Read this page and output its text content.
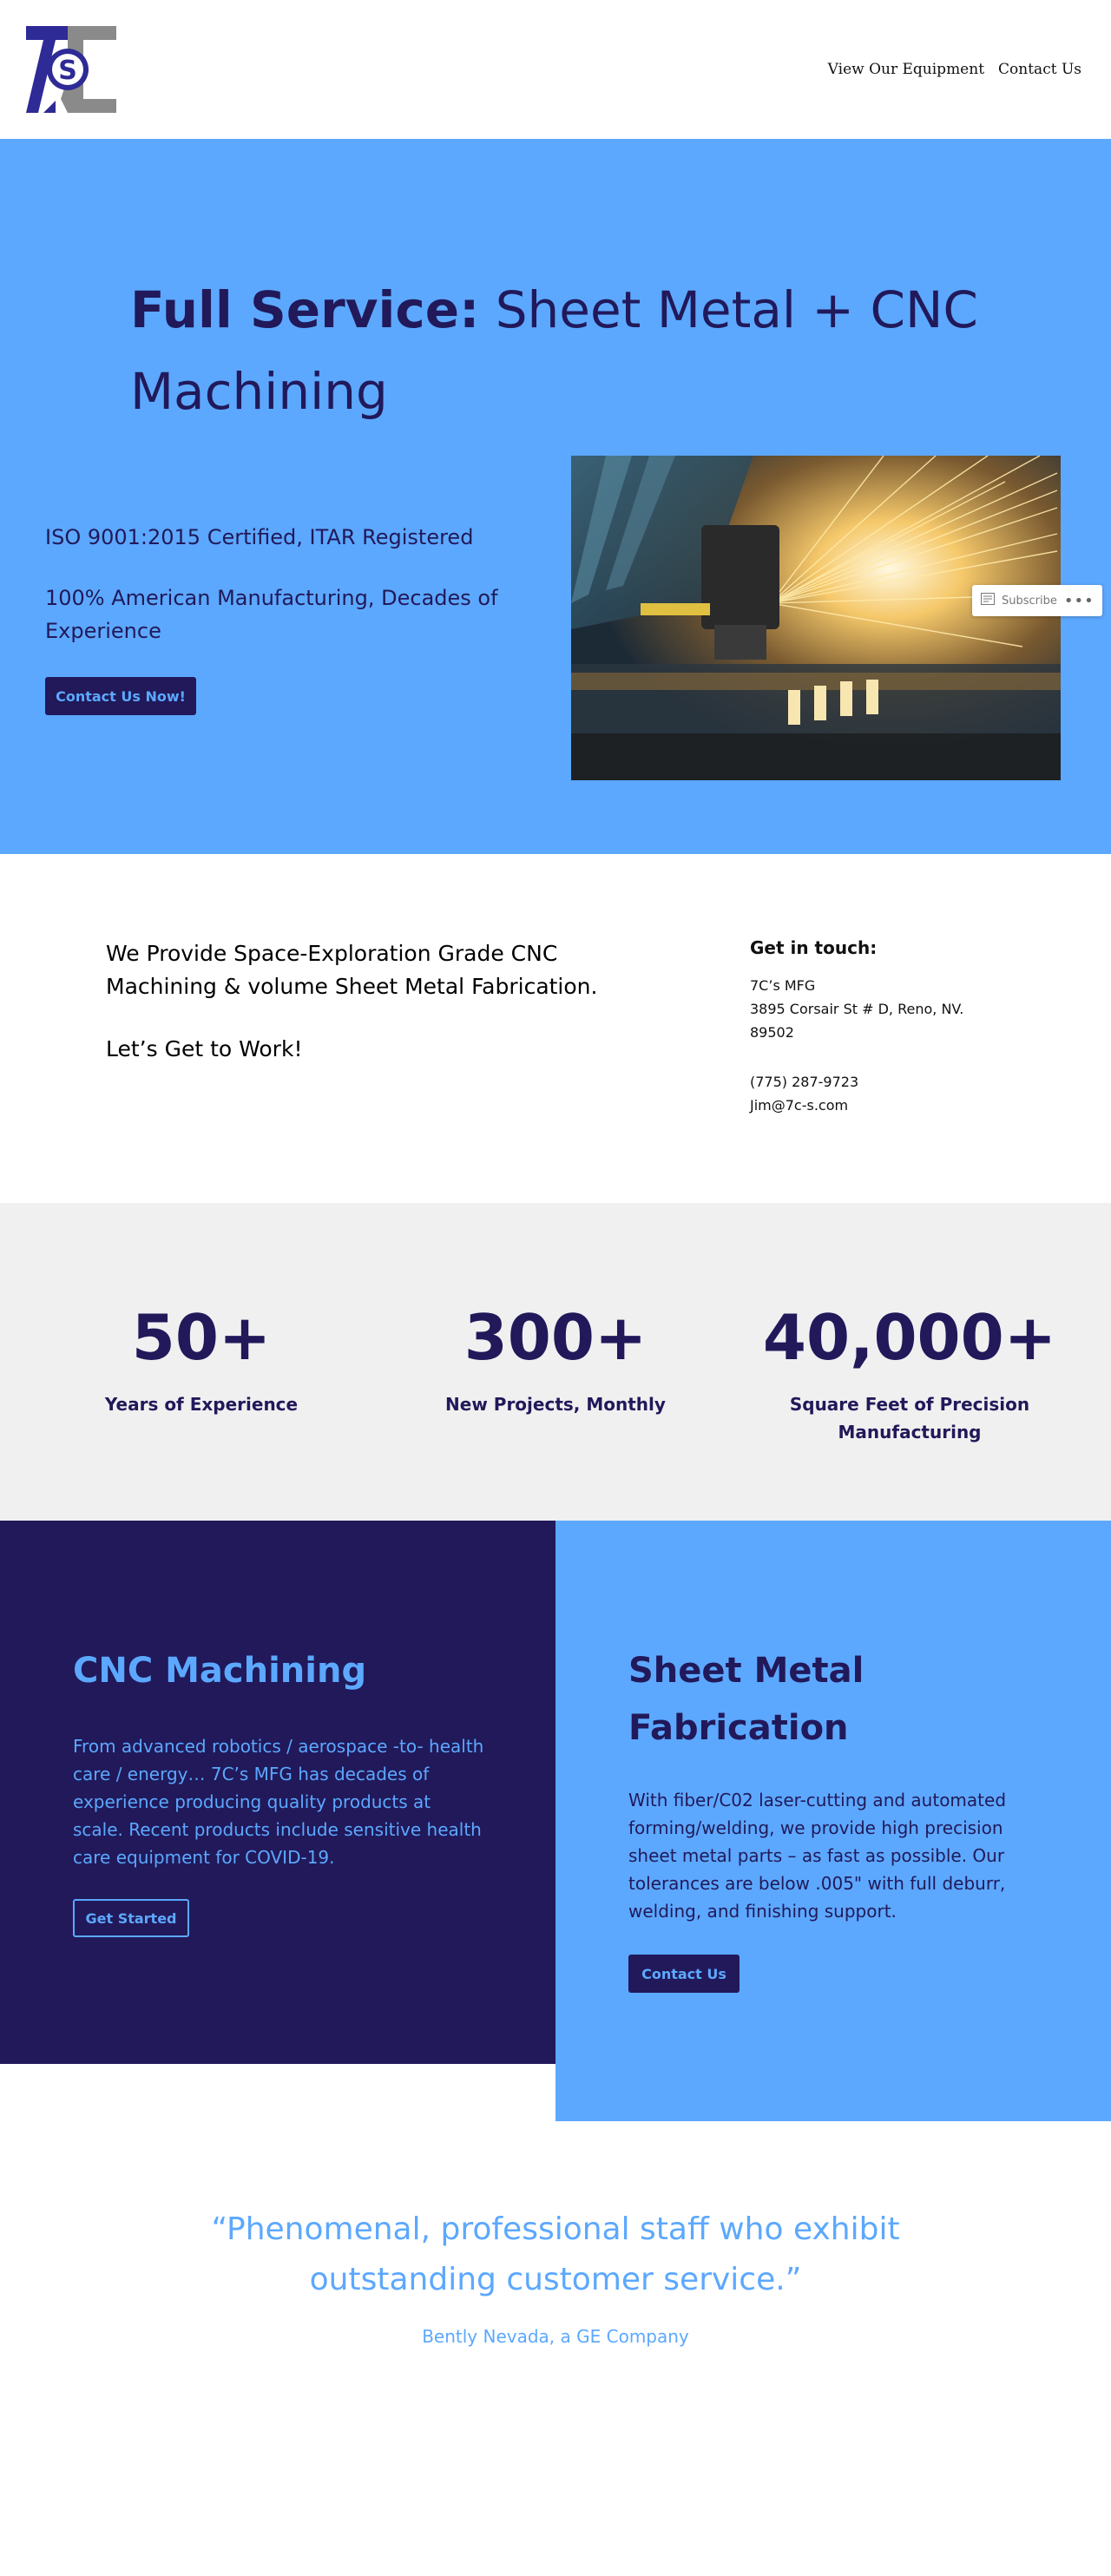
S	View Our Equipment Contact Us
Full Service: Sheet Metal + CNC Machining

ISO 9001:2015 Certified, ITAR Registered

100% American Manufacturing, Decades of Experience

Contact Us Now!
Subscribe •••

We Provide Space-Exploration Grade CNC Machining & volume Sheet Metal Fabrication.

Let’s Get to Work!

Get in touch:

7C’s MFG

3895 Corsair St # D, Reno, NV. 89502

(775) 287-9723

Jim@7c-s.com

50+
Years of Experience
300+
New Projects, Monthly
40,000+
Square Feet of Precision Manufacturing
CNC Machining

From advanced robotics / aerospace -to- health care / energy… 7C’s MFG has decades of experience producing quality products at scale. Recent products include sensitive health care equipment for COVID-19.

Get Started
Sheet Metal Fabrication

With fiber/C02 laser-cutting and automated forming/welding, we provide high precision sheet metal parts – as fast as possible. Our tolerances are below .005" with full deburr, welding, and finishing support.

Contact Us
“Phenomenal, professional staff who exhibit outstanding customer service.”

Bently Nevada, a GE Company
